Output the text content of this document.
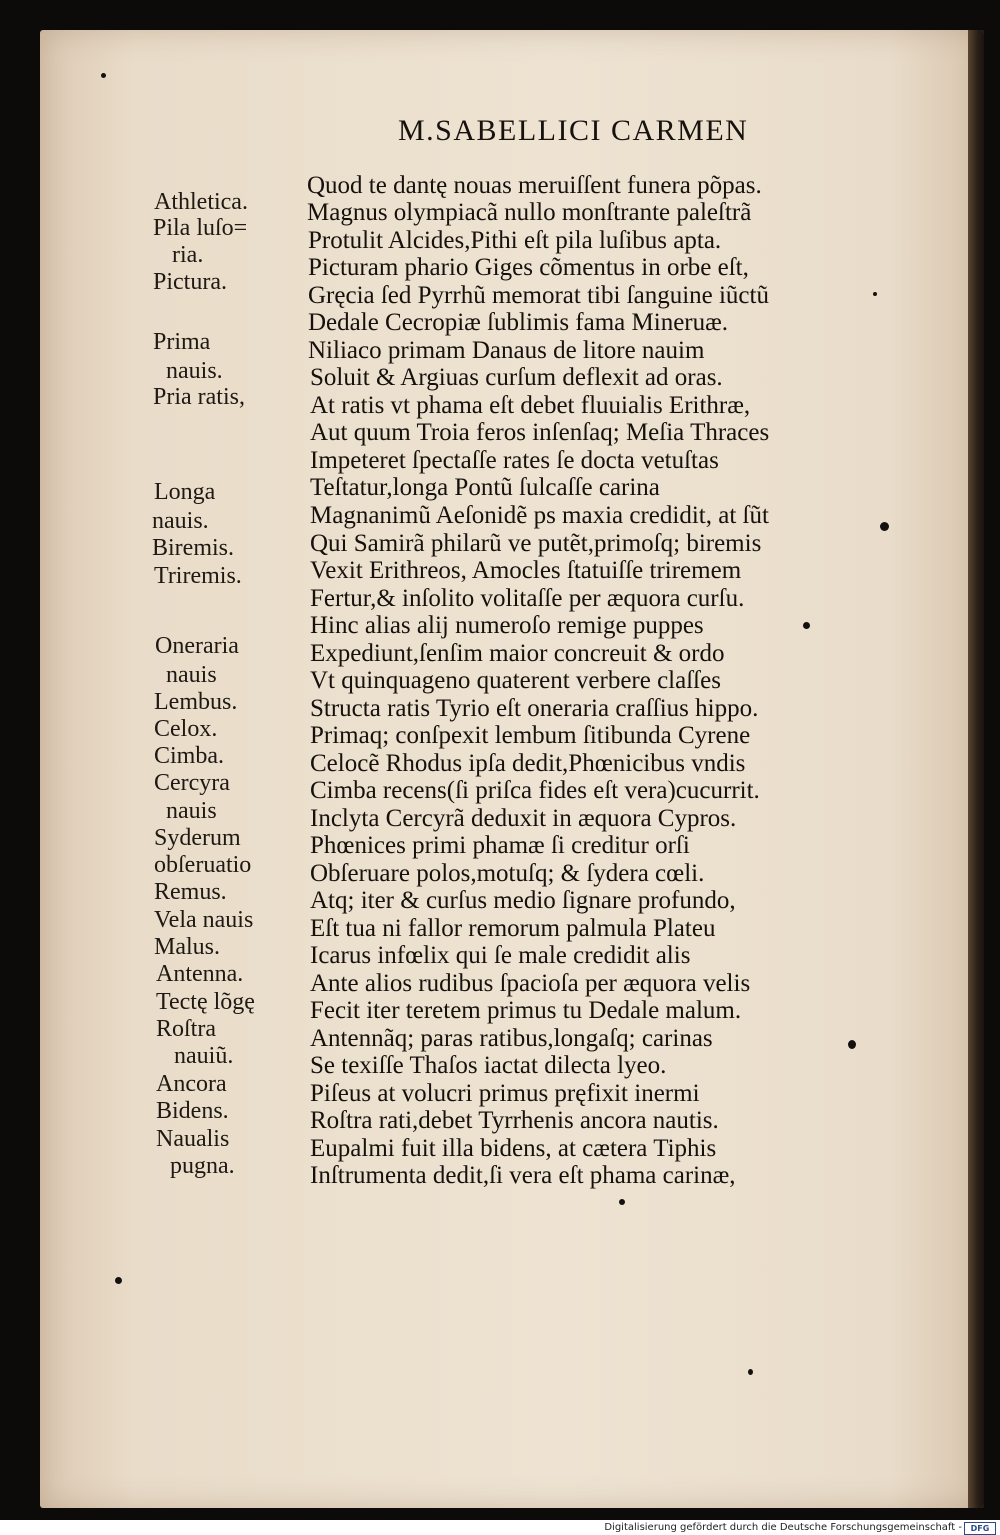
M.SABELLICI CARMEN
Athletica.
Pila luſo=
ria.
Pictura.
Prima
nauis.
Pria ratis,
Longa
nauis.
Biremis.
Triremis.
Oneraria
nauis
Lembus.
Celox.
Cimba.
Cercyra
nauis
Syderum
obſeruatio
Remus.
Vela nauis
Malus.
Antenna.
Tectę lõgę
Roſtra
nauiũ.
Ancora
Bidens.
Naualis
pugna.
Quod te dantę nouas meruiſſent funera põpas.
Magnus olympiacã nullo monſtrante paleſtrã
Protulit Alcides,Pithi eſt pila luſibus apta.
Picturam phario Giges cõmentus in orbe eſt,
Gręcia ſed Pyrrhũ memorat tibi ſanguine iũctũ
Dedale Cecropiæ ſublimis fama Mineruæ.
Niliaco primam Danaus de litore nauim
Soluit & Argiuas curſum deflexit ad oras.
At ratis vt phama eſt debet fluuialis Erithræ,
Aut quum Troia feros inſenſaq; Meſia Thraces
Impeteret ſpectaſſe rates ſe docta vetuſtas
Teſtatur,longa Pontũ ſulcaſſe carina
Magnanimũ Aeſonidẽ ps maxia credidit, at ſũt
Qui Samirã philarũ ve putẽt,primoſq; biremis
Vexit Erithreos, Amocles ſtatuiſſe triremem
Fertur,& inſolito volitaſſe per æquora curſu.
Hinc alias alij numeroſo remige puppes
Expediunt,ſenſim maior concreuit & ordo
Vt quinquageno quaterent verbere claſſes
Structa ratis Tyrio eſt oneraria craſſius hippo.
Primaq; conſpexit lembum ſitibunda Cyrene
Celocẽ Rhodus ipſa dedit,Phœnicibus vndis
Cimba recens(ſi priſca fides eſt vera)cucurrit.
Inclyta Cercyrã deduxit in æquora Cypros.
Phœnices primi phamæ ſi creditur orſi
Obſeruare polos,motuſq; & ſydera cœli.
Atq; iter & curſus medio ſignare profundo,
Eſt tua ni fallor remorum palmula Plateu
Icarus infœlix qui ſe male credidit alis
Ante alios rudibus ſpacioſa per æquora velis
Fecit iter teretem primus tu Dedale malum.
Antennãq; paras ratibus,longaſq; carinas
Se texiſſe Thaſos iactat dilecta lyeo.
Piſeus at volucri primus pręfixit inermi
Roſtra rati,debet Tyrrhenis ancora nautis.
Eupalmi fuit illa bidens, at cætera Tiphis
Inſtrumenta dedit,ſi vera eſt phama carinæ,
Digitalisierung gefördert durch die Deutsche Forschungsgemeinschaft -	DFG
